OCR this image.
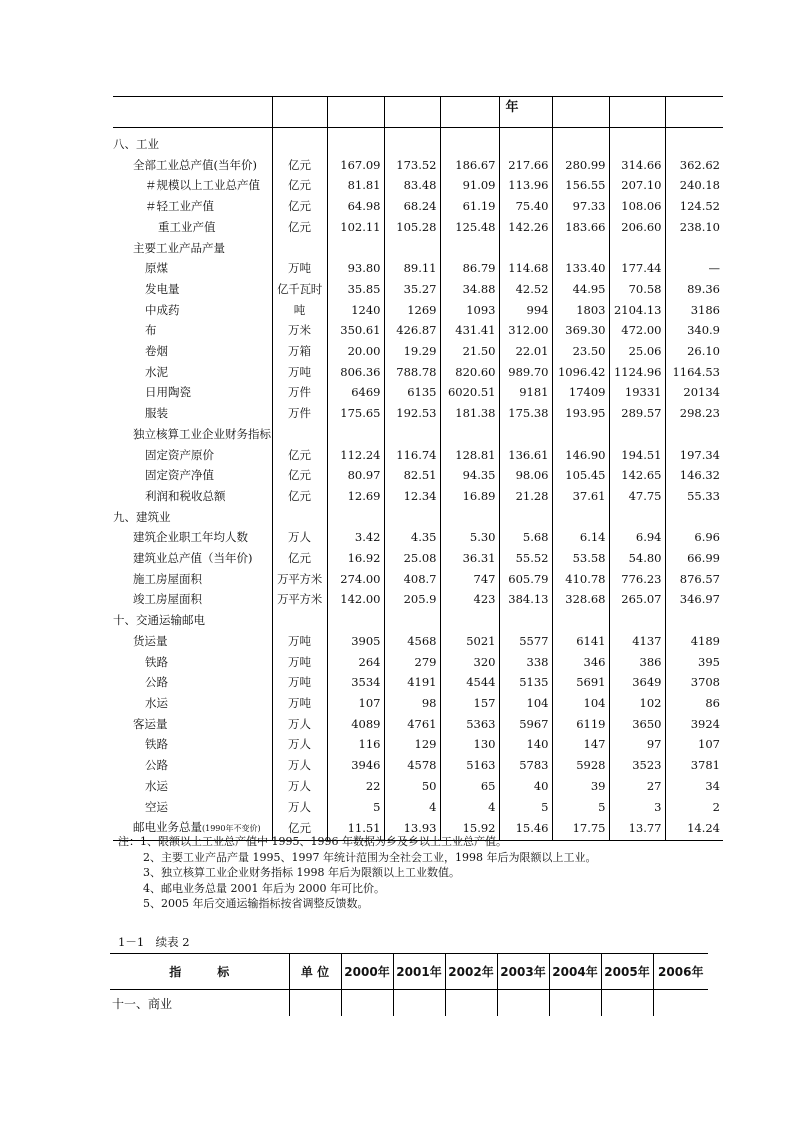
					年			

八、工业								
全部工业总产值(当年价)	亿元	167.09	173.52	186.67	217.66	280.99	314.66	362.62
＃规模以上工业总产值	亿元	81.81	83.48	91.09	113.96	156.55	207.10	240.18
＃轻工业产值	亿元	64.98	68.24	61.19	75.40	97.33	108.06	124.52
重工业产值	亿元	102.11	105.28	125.48	142.26	183.66	206.60	238.10
主要工业产品产量								
原煤	万吨	93.80	89.11	86.79	114.68	133.40	177.44	—
发电量	亿千瓦时	35.85	35.27	34.88	42.52	44.95	70.58	89.36
中成药	吨	1240	1269	1093	994	1803	2104.13	3186
布	万米	350.61	426.87	431.41	312.00	369.30	472.00	340.9
卷烟	万箱	20.00	19.29	21.50	22.01	23.50	25.06	26.10
水泥	万吨	806.36	788.78	820.60	989.70	1096.42	1124.96	1164.53
日用陶瓷	万件	6469	6135	6020.51	9181	17409	19331	20134
服装	万件	175.65	192.53	181.38	175.38	193.95	289.57	298.23
独立核算工业企业财务指标								
固定资产原价	亿元	112.24	116.74	128.81	136.61	146.90	194.51	197.34
固定资产净值	亿元	80.97	82.51	94.35	98.06	105.45	142.65	146.32
利润和税收总额	亿元	12.69	12.34	16.89	21.28	37.61	47.75	55.33
九、建筑业								
建筑企业职工年均人数	万人	3.42	4.35	5.30	5.68	6.14	6.94	6.96
建筑业总产值（当年价)	亿元	16.92	25.08	36.31	55.52	53.58	54.80	66.99
施工房屋面积	万平方米	274.00	408.7	747	605.79	410.78	776.23	876.57
竣工房屋面积	万平方米	142.00	205.9	423	384.13	328.68	265.07	346.97
十、交通运输邮电								
货运量	万吨	3905	4568	5021	5577	6141	4137	4189
铁路	万吨	264	279	320	338	346	386	395
公路	万吨	3534	4191	4544	5135	5691	3649	3708
水运	万吨	107	98	157	104	104	102	86
客运量	万人	4089	4761	5363	5967	6119	3650	3924
铁路	万人	116	129	130	140	147	97	107
公路	万人	3946	4578	5163	5783	5928	3523	3781
水运	万人	22	50	65	40	39	27	34
空运	万人	5	4	4	5	5	3	2
邮电业务总量(1990年不变价)	亿元	11.51	13.93	15.92	15.46	17.75	13.77	14.24
注：1、限额以上工业总产值中 1995、1996 年数据为乡及乡以上工业总产值。
2、主要工业产品产量 1995、1997 年统计范围为全社会工业，1998 年后为限额以上工业。
3、独立核算工业企业财务指标 1998 年后为限额以上工业数值。
4、邮电业务总量 2001 年后为 2000 年可比价。
5、2005 年后交通运输指标按省调整反馈数。
1－1　续表 2
指　　　标	单 位	2000年	2001年	2002年	2003年	2004年	2005年	2006年
十一、商业								
